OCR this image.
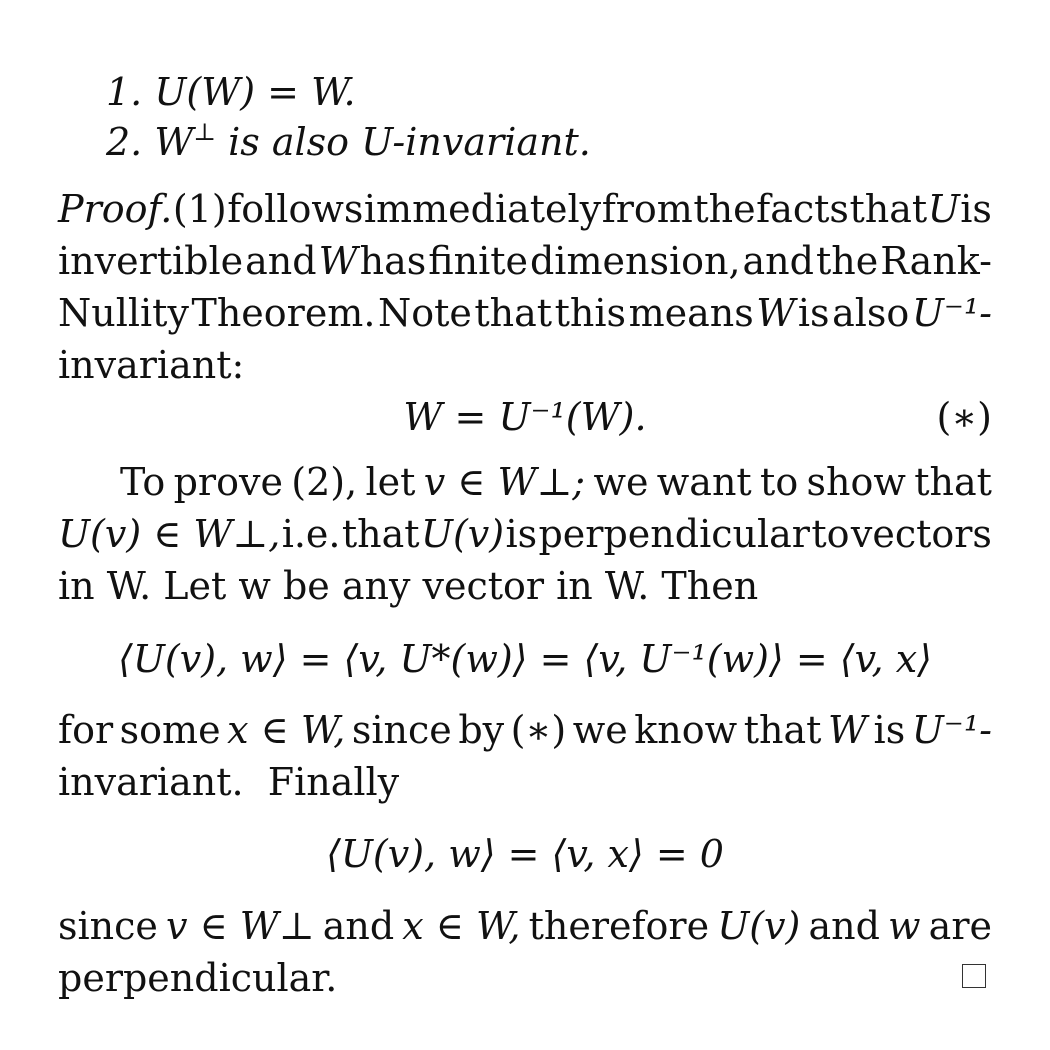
1. U(W) = W.
2. W⊥ is also U-invariant.
Proof. (1) follows immediately from the facts that U is
invertible and W has finite dimension, and the Rank-
Nullity Theorem. Note that this means W is also U⁻¹-
invariant:
W = U⁻¹(W).	(∗)
To prove (2), let v ∈ W⊥; we want to show that
U(v) ∈ W⊥, i.e. that U(v) is perpendicular to vectors
in W. Let w be any vector in W. Then
⟨U(v), w⟩ = ⟨v, U*(w)⟩ = ⟨v, U⁻¹(w)⟩ = ⟨v, x⟩
for some x ∈ W, since by (∗) we know that W is U⁻¹-
invariant.  Finally
⟨U(v), w⟩ = ⟨v, x⟩ = 0
since v ∈ W⊥ and x ∈ W, therefore U(v) and w are
perpendicular.
